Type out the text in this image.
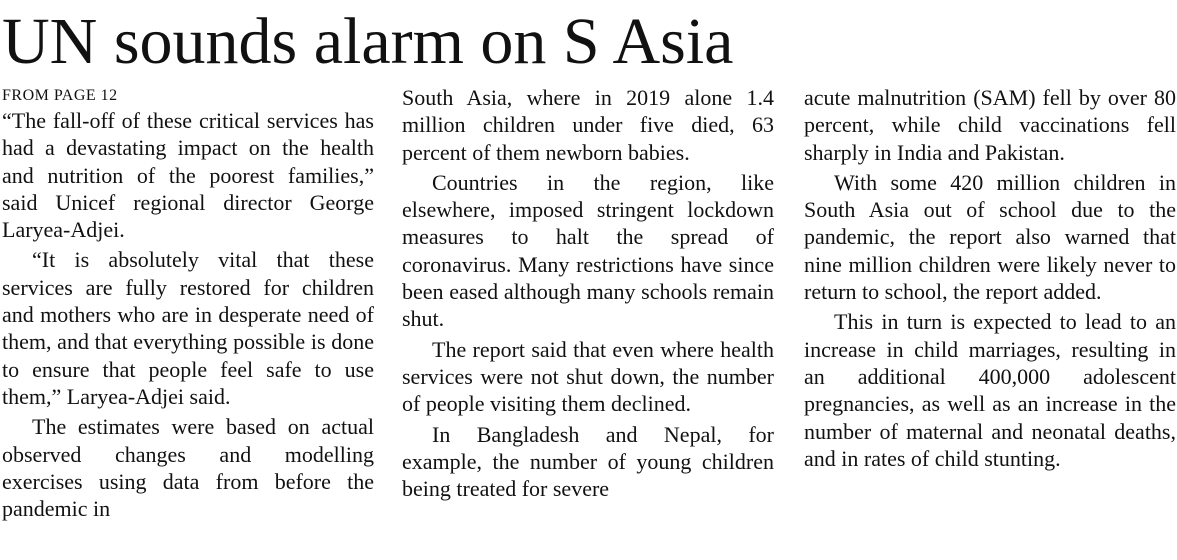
UN sounds alarm on S Asia

FROM PAGE 12

“The fall-off of these critical services has had a devastating impact on the health and nutrition of the poorest families,” said Unicef regional director George Laryea-Adjei.

“It is absolutely vital that these services are fully restored for children and mothers who are in desperate need of them, and that everything possible is done to ensure that people feel safe to use them,” Laryea-Adjei said.

The estimates were based on actual observed changes and modelling exercises using data from before the pandemic in

South Asia, where in 2019 alone 1.4 million children under five died, 63 percent of them newborn babies.

Countries in the region, like elsewhere, imposed stringent lockdown measures to halt the spread of coronavirus. Many restrictions have since been eased although many schools remain shut.

The report said that even where health services were not shut down, the number of people visiting them declined.

In Bangladesh and Nepal, for example, the number of young children being treated for severe

acute malnutrition (SAM) fell by over 80 percent, while child vaccinations fell sharply in India and Pakistan.

With some 420 million children in South Asia out of school due to the pandemic, the report also warned that nine million children were likely never to return to school, the report added.

This in turn is expected to lead to an increase in child marriages, resulting in an additional 400,000 adolescent pregnancies, as well as an increase in the number of maternal and neonatal deaths, and in rates of child stunting.
